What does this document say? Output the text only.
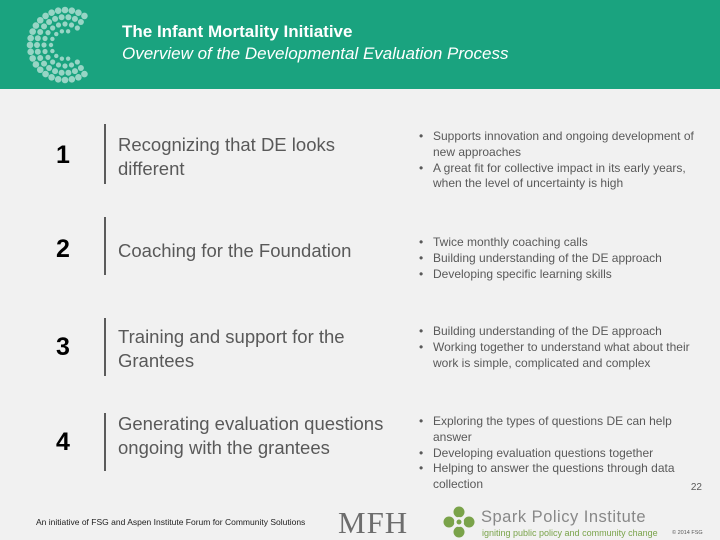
The Infant Mortality Initiative
Overview of the Developmental Evaluation Process
1	Recognizing that DE looks different
• Supports innovation and ongoing development of new approaches
• A great fit for collective impact in its early years, when the level of uncertainty is high
2	Coaching for the Foundation	• Twice monthly coaching calls
• Building understanding of the DE approach
• Developing specific learning skills
3	Training and support for the Grantees
• Building understanding of the DE approach
• Working together to understand what about their work is simple, complicated and complex
4
Generating evaluation questions ongoing with the grantees
• Exploring the types of questions DE can help answer
• Developing evaluation questions together
• Helping to answer the questions through data collection
An initiative of FSG and Aspen Institute Forum for Community Solutions MFH	Spark Policy Institute
igniting public policy and community change
22
© 2014 FSG
